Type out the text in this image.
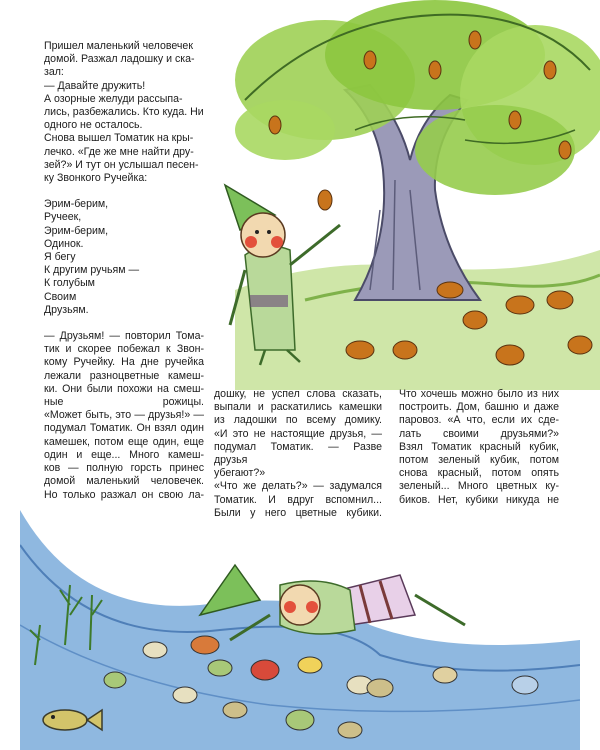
Пришел маленький человечек

домой. Разжал ладошку и ска-

зал:

— Давайте дружить!

А озорные желуди рассыпа-

лись, разбежались. Кто куда. Ни

одного не осталось.

Снова вышел Томатик на кры-

лечко. «Где же мне найти дру-

зей?» И тут он услышал песен-

ку Звонкого Ручейка:

Эрим-берим,

Ручеек,

Эрим-берим,

Одинок.

Я бегу

К другим ручьям —

К голубым

Своим

Друзьям.

— Друзьям! — повторил Тома-

тик и скорее побежал к Звон-

кому Ручейку. На дне ручейка

лежали разноцветные камеш-

ки. Они были похожи на смеш-

ные рожицы.

«Может быть, это — друзья!» —

подумал Томатик. Он взял один

камешек, потом еще один, еще

один и еще... Много камеш-

ков — полную горсть принес

домой маленький человечек.

Но только разжал он свою ла-

дошку, не успел слова сказать,

выпали и раскатились камешки

из ладошки по всему домику.

«И это не настоящие друзья, —

подумал Томатик. — Разве друзья

убегают?»

«Что же делать?» — задумался

Томатик. И вдруг вспомнил...

Были у него цветные кубики.

Что хочешь можно было из них

построить. Дом, башню и даже

паровоз. «А что, если их сде-

лать своими друзьями?»

Взял Томатик красный кубик,

потом зеленый кубик, потом

снова красный, потом опять

зеленый... Много цветных ку-

биков. Нет, кубики никуда не
